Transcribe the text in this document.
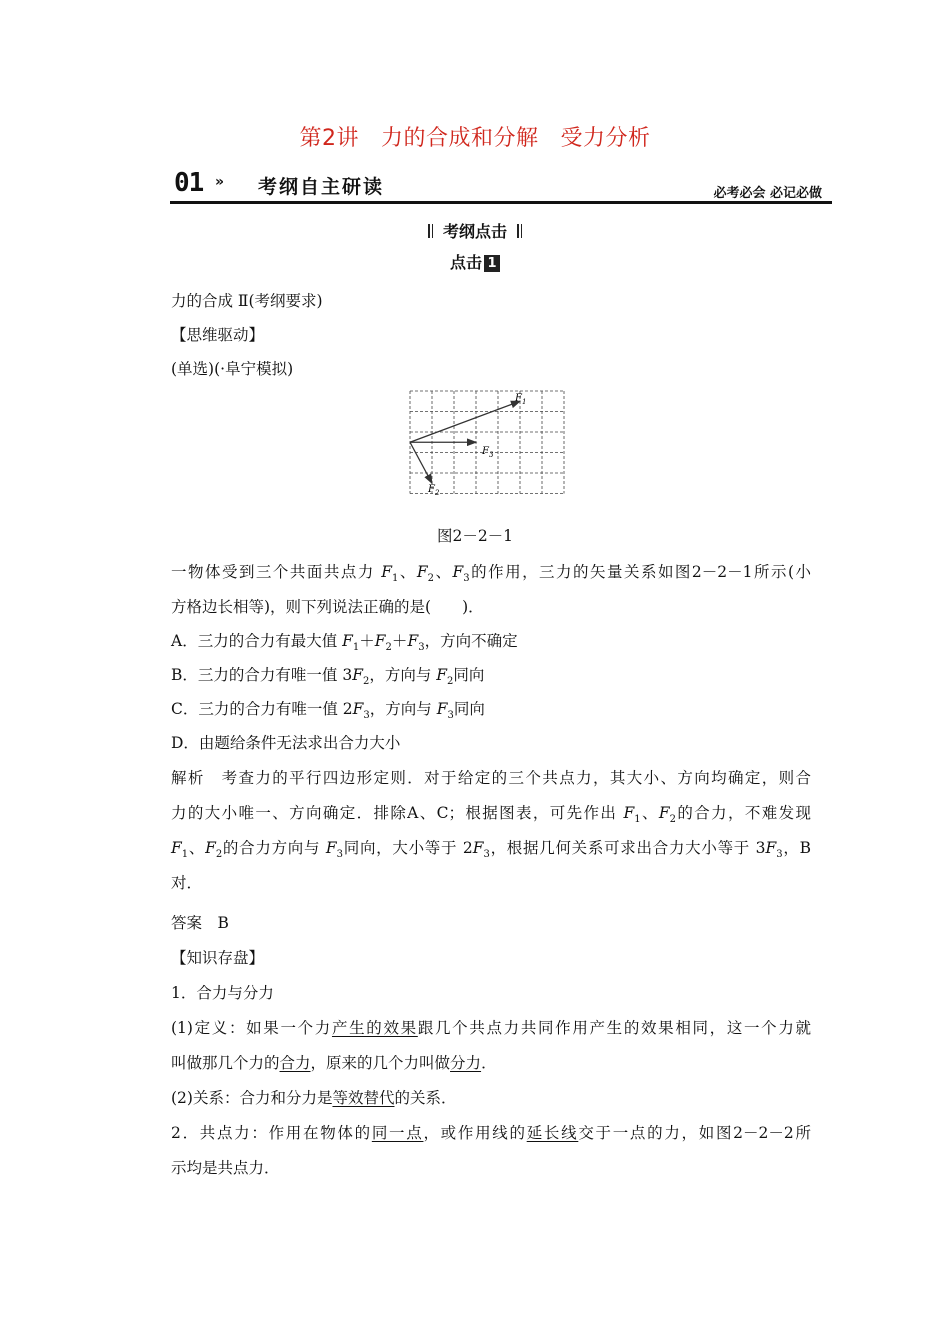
第2讲 力的合成和分解 受力分析
01 » 考纲自主研读	必考必会 必记必做
考纲点击
点击 1
力的合成 Ⅱ(考纲要求)
【思维驱动】
(单选)(·阜宁模拟)
$F_1$
$F_3$
$F_2$
图2－2－1
一物体受到三个共面共点力 $F_1$、$F_2$、$F_3$的作用，三力的矢量关系如图2－2－1所示(小
方格边长相等)，则下列说法正确的是(　　)．
A．三力的合力有最大值 $F_1+F_2+F_3$，方向不确定
B．三力的合力有唯一值 $3F_2$，方向与 $F_2$同向
C．三力的合力有唯一值 $2F_3$，方向与 $F_3$同向
D．由题给条件无法求出合力大小
解析　考查力的平行四边形定则．对于给定的三个共点力，其大小、方向均确定，则合
力的大小唯一、方向确定．排除A、C；根据图表，可先作出 $F_1$、$F_2$的合力，不难发现
$F_1$、$F_2$的合力方向与 $F_3$同向，大小等于 $2F_3$，根据几何关系可求出合力大小等于 $3F_3$，B
对．
答案　B
【知识存盘】
1．合力与分力
(1)定义：如果一个力产生的效果跟几个共点力共同作用产生的效果相同，这一个力就
叫做那几个力的合力，原来的几个力叫做分力．
(2)关系：合力和分力是等效替代的关系．
2．共点力：作用在物体的同一点，或作用线的延长线交于一点的力，如图2－2－2所
示均是共点力．
